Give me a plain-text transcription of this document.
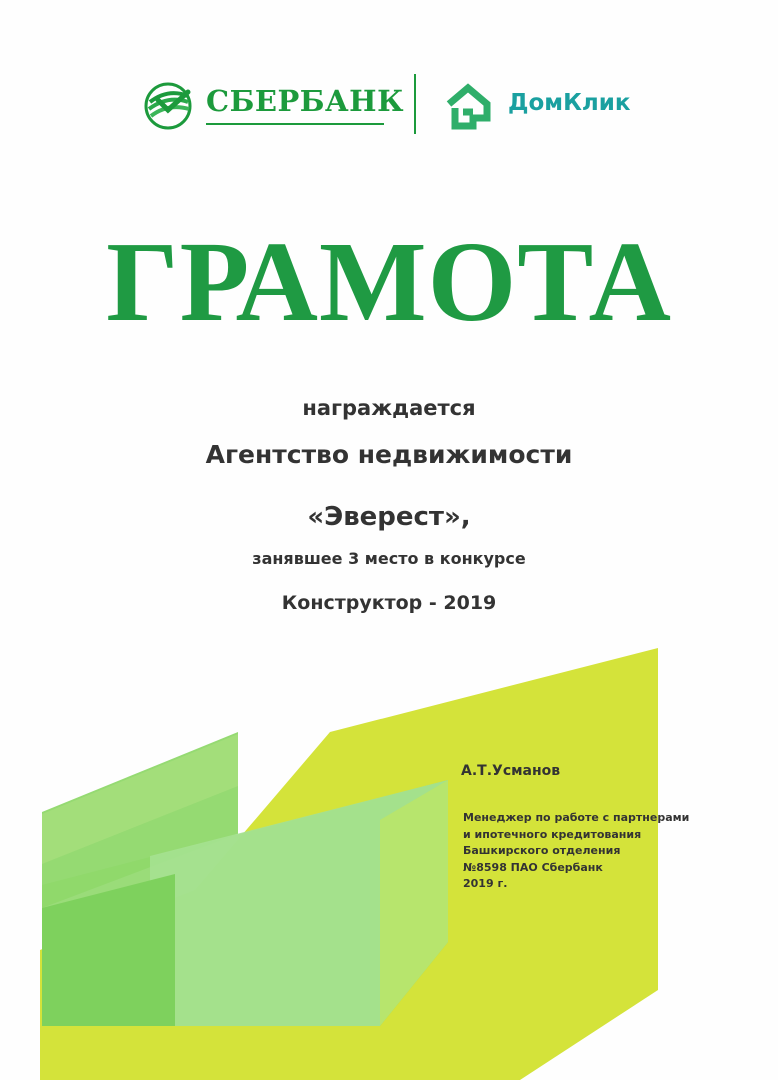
СБЕРБАНК	ДомКлик
ГРАМОТА
награждается
Агентство недвижимости
«Эверест»,
занявшее 3 место в конкурсе
Конструктор - 2019
А.Т.Усманов
Менеджер по работе с партнерами
и ипотечного кредитования
Башкирского отделения
№8598 ПАО Сбербанк
2019 г.
